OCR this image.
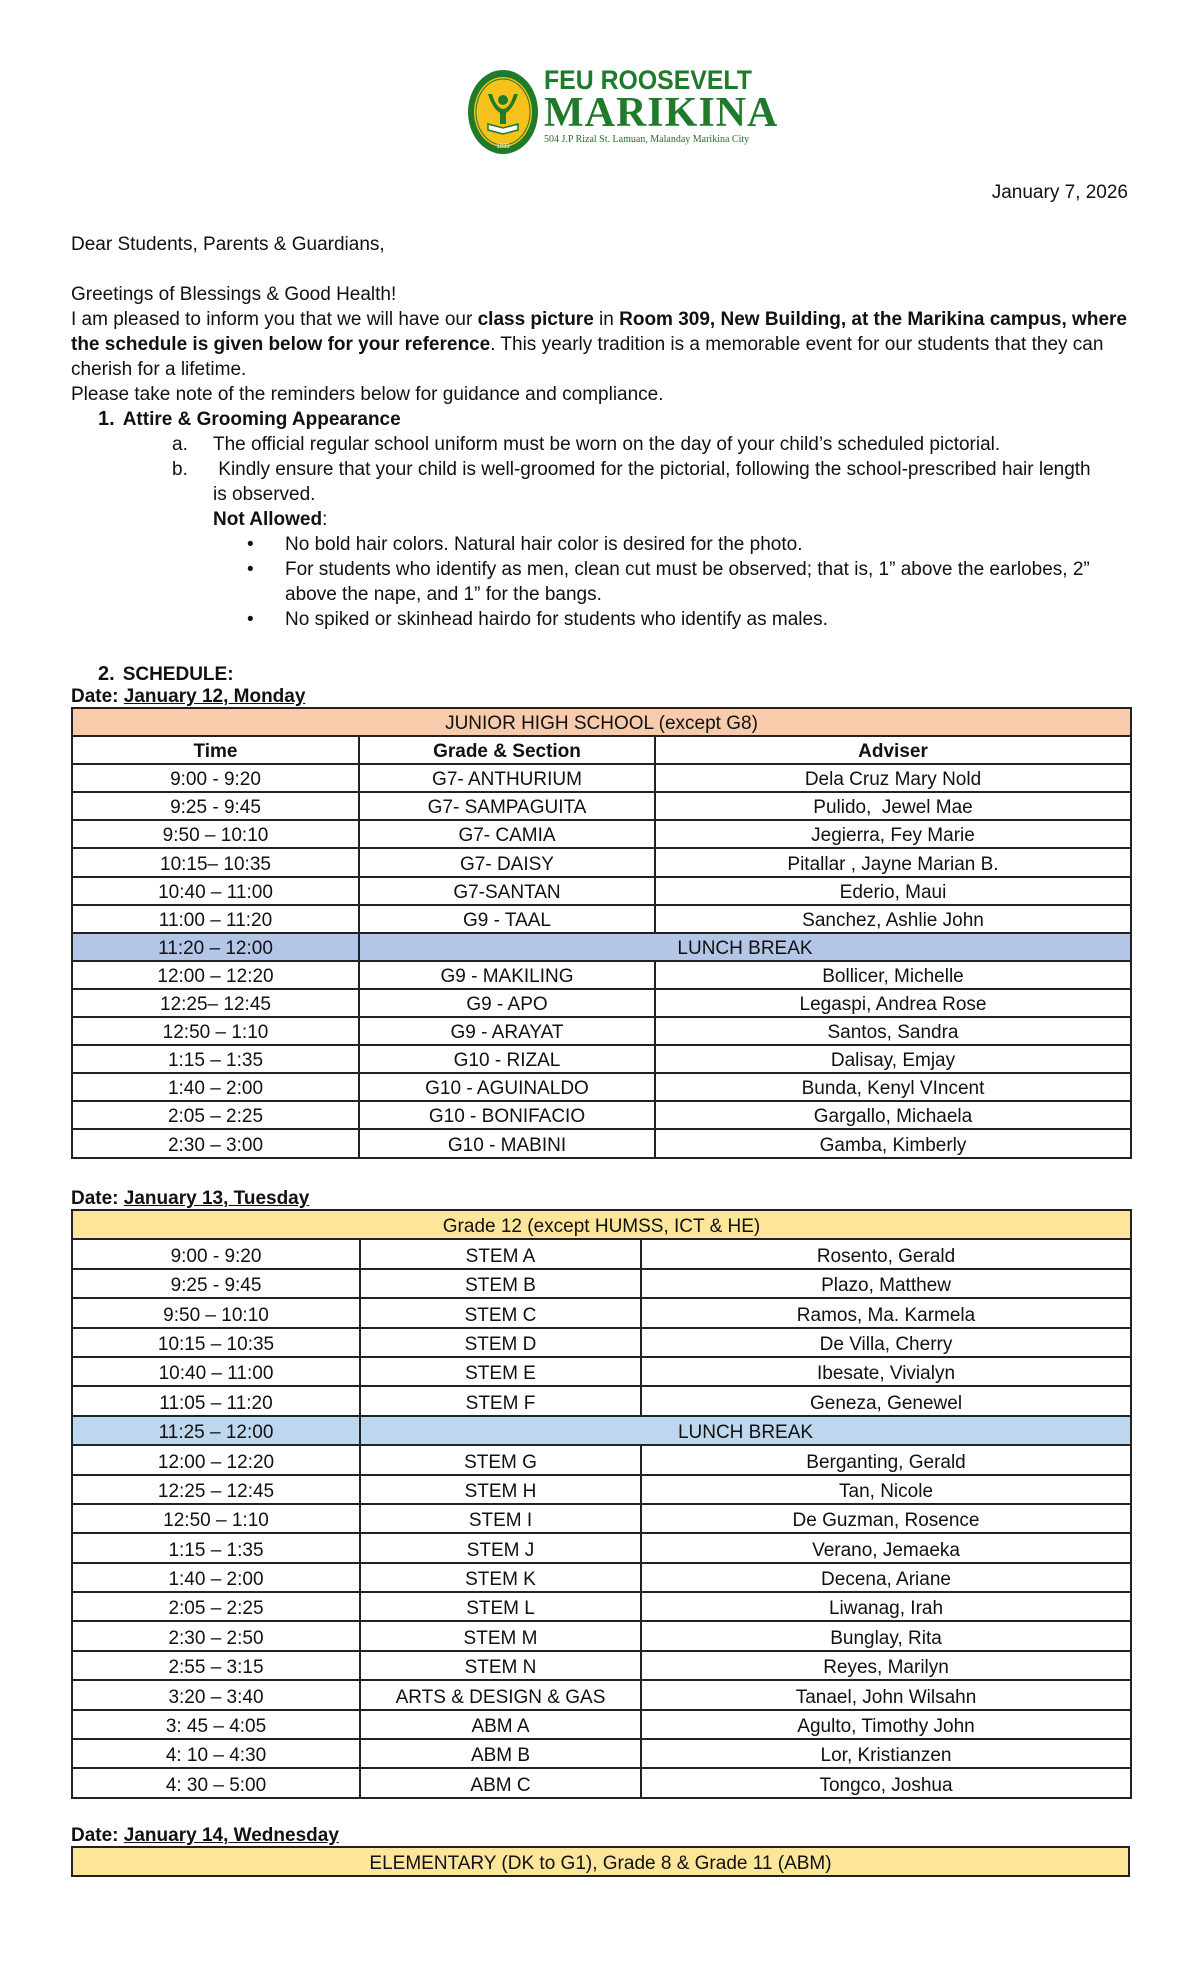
1933
FEU ROOSEVELT
MARIKINA
504 J.P Rizal St. Lamuan, Malanday Marikina City
January 7, 2026
Dear Students, Parents & Guardians,

Greetings of Blessings & Good Health!

I am pleased to inform you that we will have our class picture in Room 309, New Building, at the Marikina campus, where the schedule is given below for your reference. This yearly tradition is a memorable event for our students that they can cherish for a lifetime.

Please take note of the reminders below for guidance and compliance.

1. Attire & Grooming Appearance
a. The official regular school uniform must be worn on the day of your child’s scheduled pictorial.
b. Kindly ensure that your child is well-groomed for the pictorial, following the school-prescribed hair length is observed.
Not Allowed:
• No bold hair colors. Natural hair color is desired for the photo.
• For students who identify as men, clean cut must be observed; that is, 1” above the earlobes, 2” above the nape, and 1” for the bangs.
• No spiked or skinhead hairdo for students who identify as males.
2. SCHEDULE:
Date: January 12, Monday
JUNIOR HIGH SCHOOL (except G8)		
Time	Grade & Section	Adviser
9:00 - 9:20	G7- ANTHURIUM	Dela Cruz Mary Nold
9:25 - 9:45	G7- SAMPAGUITA	Pulido,  Jewel Mae
9:50 – 10:10	G7- CAMIA	Jegierra, Fey Marie
10:15– 10:35	G7- DAISY	Pitallar , Jayne Marian B.
10:40 – 11:00	G7-SANTAN	Ederio, Maui
11:00 – 11:20	G9 - TAAL	Sanchez, Ashlie John
11:20 – 12:00	LUNCH BREAK	
12:00 – 12:20	G9 - MAKILING	Bollicer, Michelle
12:25– 12:45	G9 - APO	Legaspi, Andrea Rose
12:50 – 1:10	G9 - ARAYAT	Santos, Sandra
1:15 – 1:35	G10 - RIZAL	Dalisay, Emjay
1:40 – 2:00	G10 - AGUINALDO	Bunda, Kenyl VIncent
2:05 – 2:25	G10 - BONIFACIO	Gargallo, Michaela
2:30 – 3:00	G10 - MABINI	Gamba, Kimberly
Date: January 13, Tuesday
Grade 12 (except HUMSS, ICT & HE)		
9:00 - 9:20	STEM A	Rosento, Gerald
9:25 - 9:45	STEM B	Plazo, Matthew
9:50 – 10:10	STEM C	Ramos, Ma. Karmela
10:15 – 10:35	STEM D	De Villa, Cherry
10:40 – 11:00	STEM E	Ibesate, Vivialyn
11:05 – 11:20	STEM F	Geneza, Genewel
11:25 – 12:00	LUNCH BREAK	
12:00 – 12:20	STEM G	Berganting, Gerald
12:25 – 12:45	STEM H	Tan, Nicole
12:50 – 1:10	STEM I	De Guzman, Rosence
1:15 – 1:35	STEM J	Verano, Jemaeka
1:40 – 2:00	STEM K	Decena, Ariane
2:05 – 2:25	STEM L	Liwanag, Irah
2:30 – 2:50	STEM M	Bunglay, Rita
2:55 – 3:15	STEM N	Reyes, Marilyn
3:20 – 3:40	ARTS & DESIGN & GAS	Tanael, John Wilsahn
3: 45 – 4:05	ABM A	Agulto, Timothy John
4: 10 – 4:30	ABM B	Lor, Kristianzen
4: 30 – 5:00	ABM C	Tongco, Joshua
Date: January 14, Wednesday
ELEMENTARY (DK to G1), Grade 8 & Grade 11 (ABM)
